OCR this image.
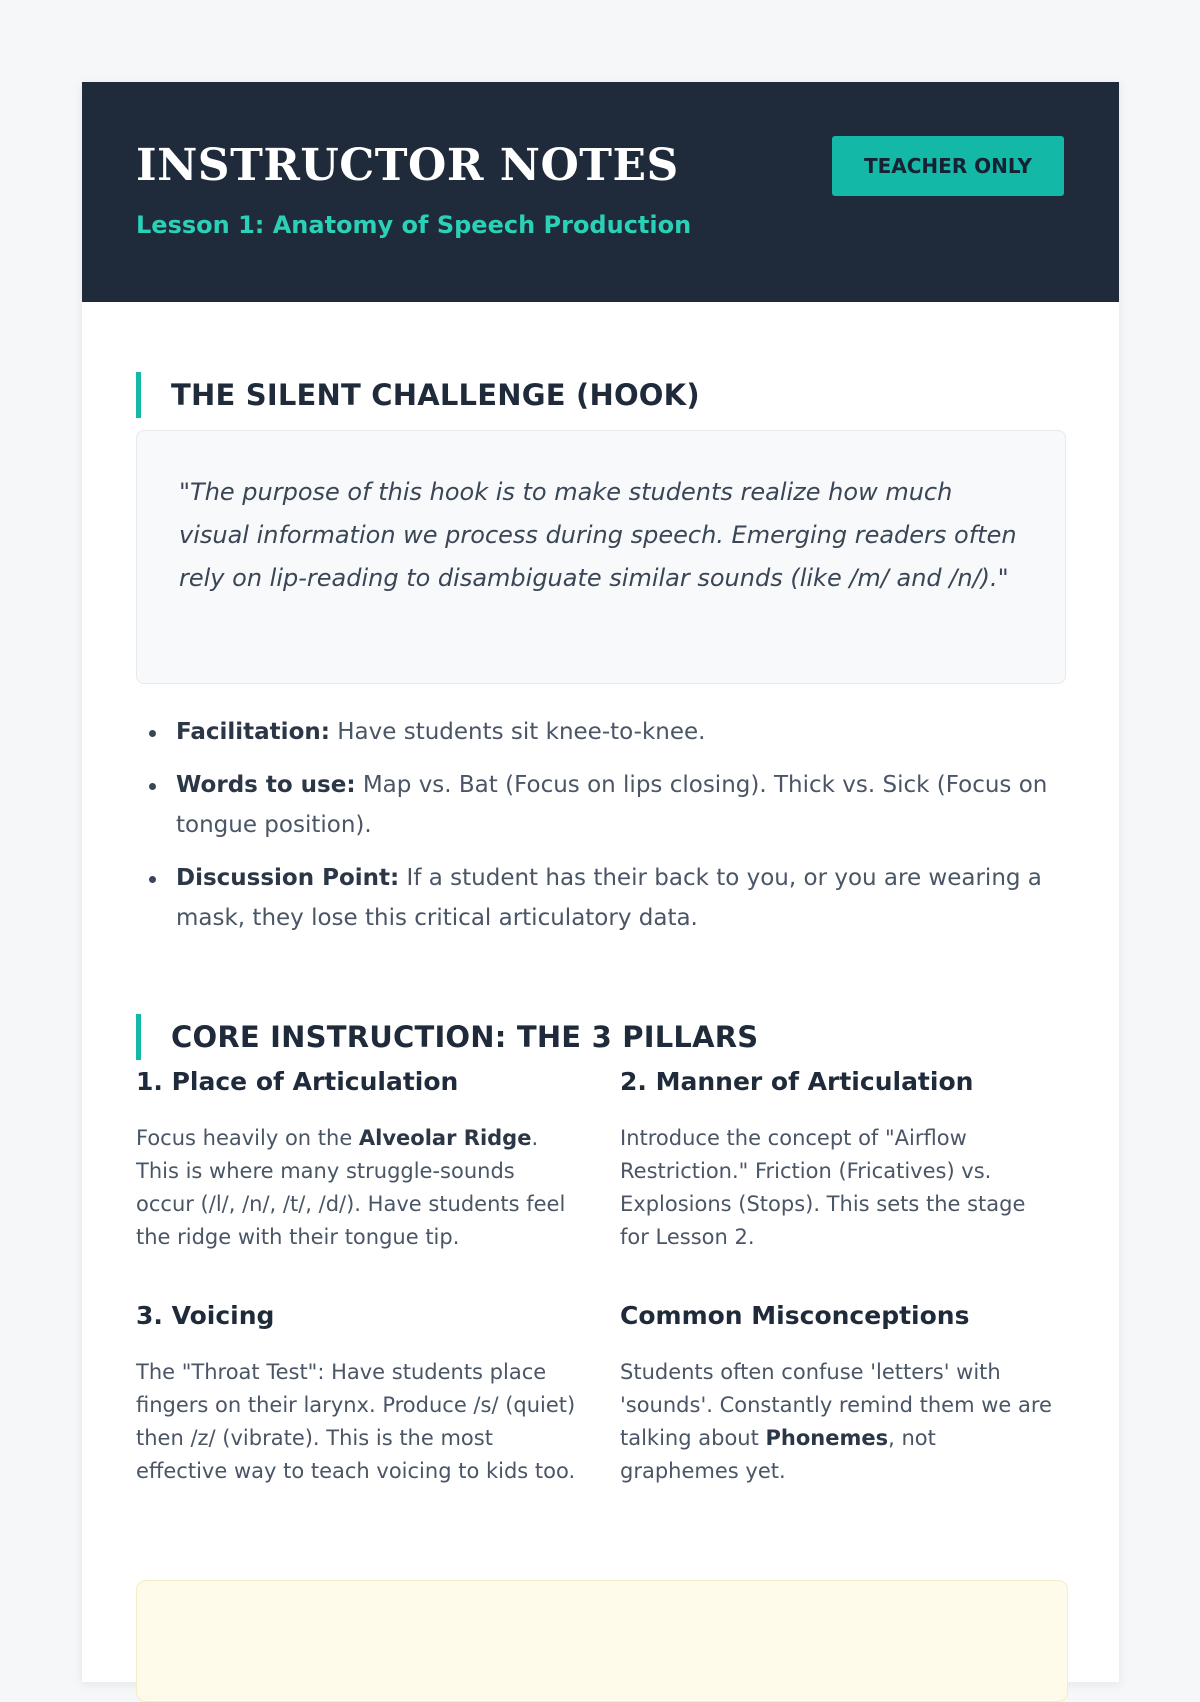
INSTRUCTOR NOTES
Lesson 1: Anatomy of Speech Production
TEACHER ONLY
THE SILENT CHALLENGE (HOOK)
"The purpose of this hook is to make students realize how much visual information we process during speech. Emerging readers often rely on lip-reading to disambiguate similar sounds (like /m/ and /n/)."
Facilitation: Have students sit knee-to-knee.
Words to use: Map vs. Bat (Focus on lips closing). Thick vs. Sick (Focus on tongue position).
Discussion Point: If a student has their back to you, or you are wearing a mask, they lose this critical articulatory data.
CORE INSTRUCTION: THE 3 PILLARS
1. Place of Articulation

Focus heavily on the Alveolar Ridge. This is where many struggle-sounds occur (/l/, /n/, /t/, /d/). Have students feel the ridge with their tongue tip.

2. Manner of Articulation

Introduce the concept of "Airflow Restriction." Friction (Fricatives) vs. Explosions (Stops). This sets the stage for Lesson 2.

3. Voicing

The "Throat Test": Have students place fingers on their larynx. Produce /s/ (quiet) then /z/ (vibrate). This is the most effective way to teach voicing to kids too.

Common Misconceptions

Students often confuse 'letters' with 'sounds'. Constantly remind them we are talking about Phonemes, not graphemes yet.
